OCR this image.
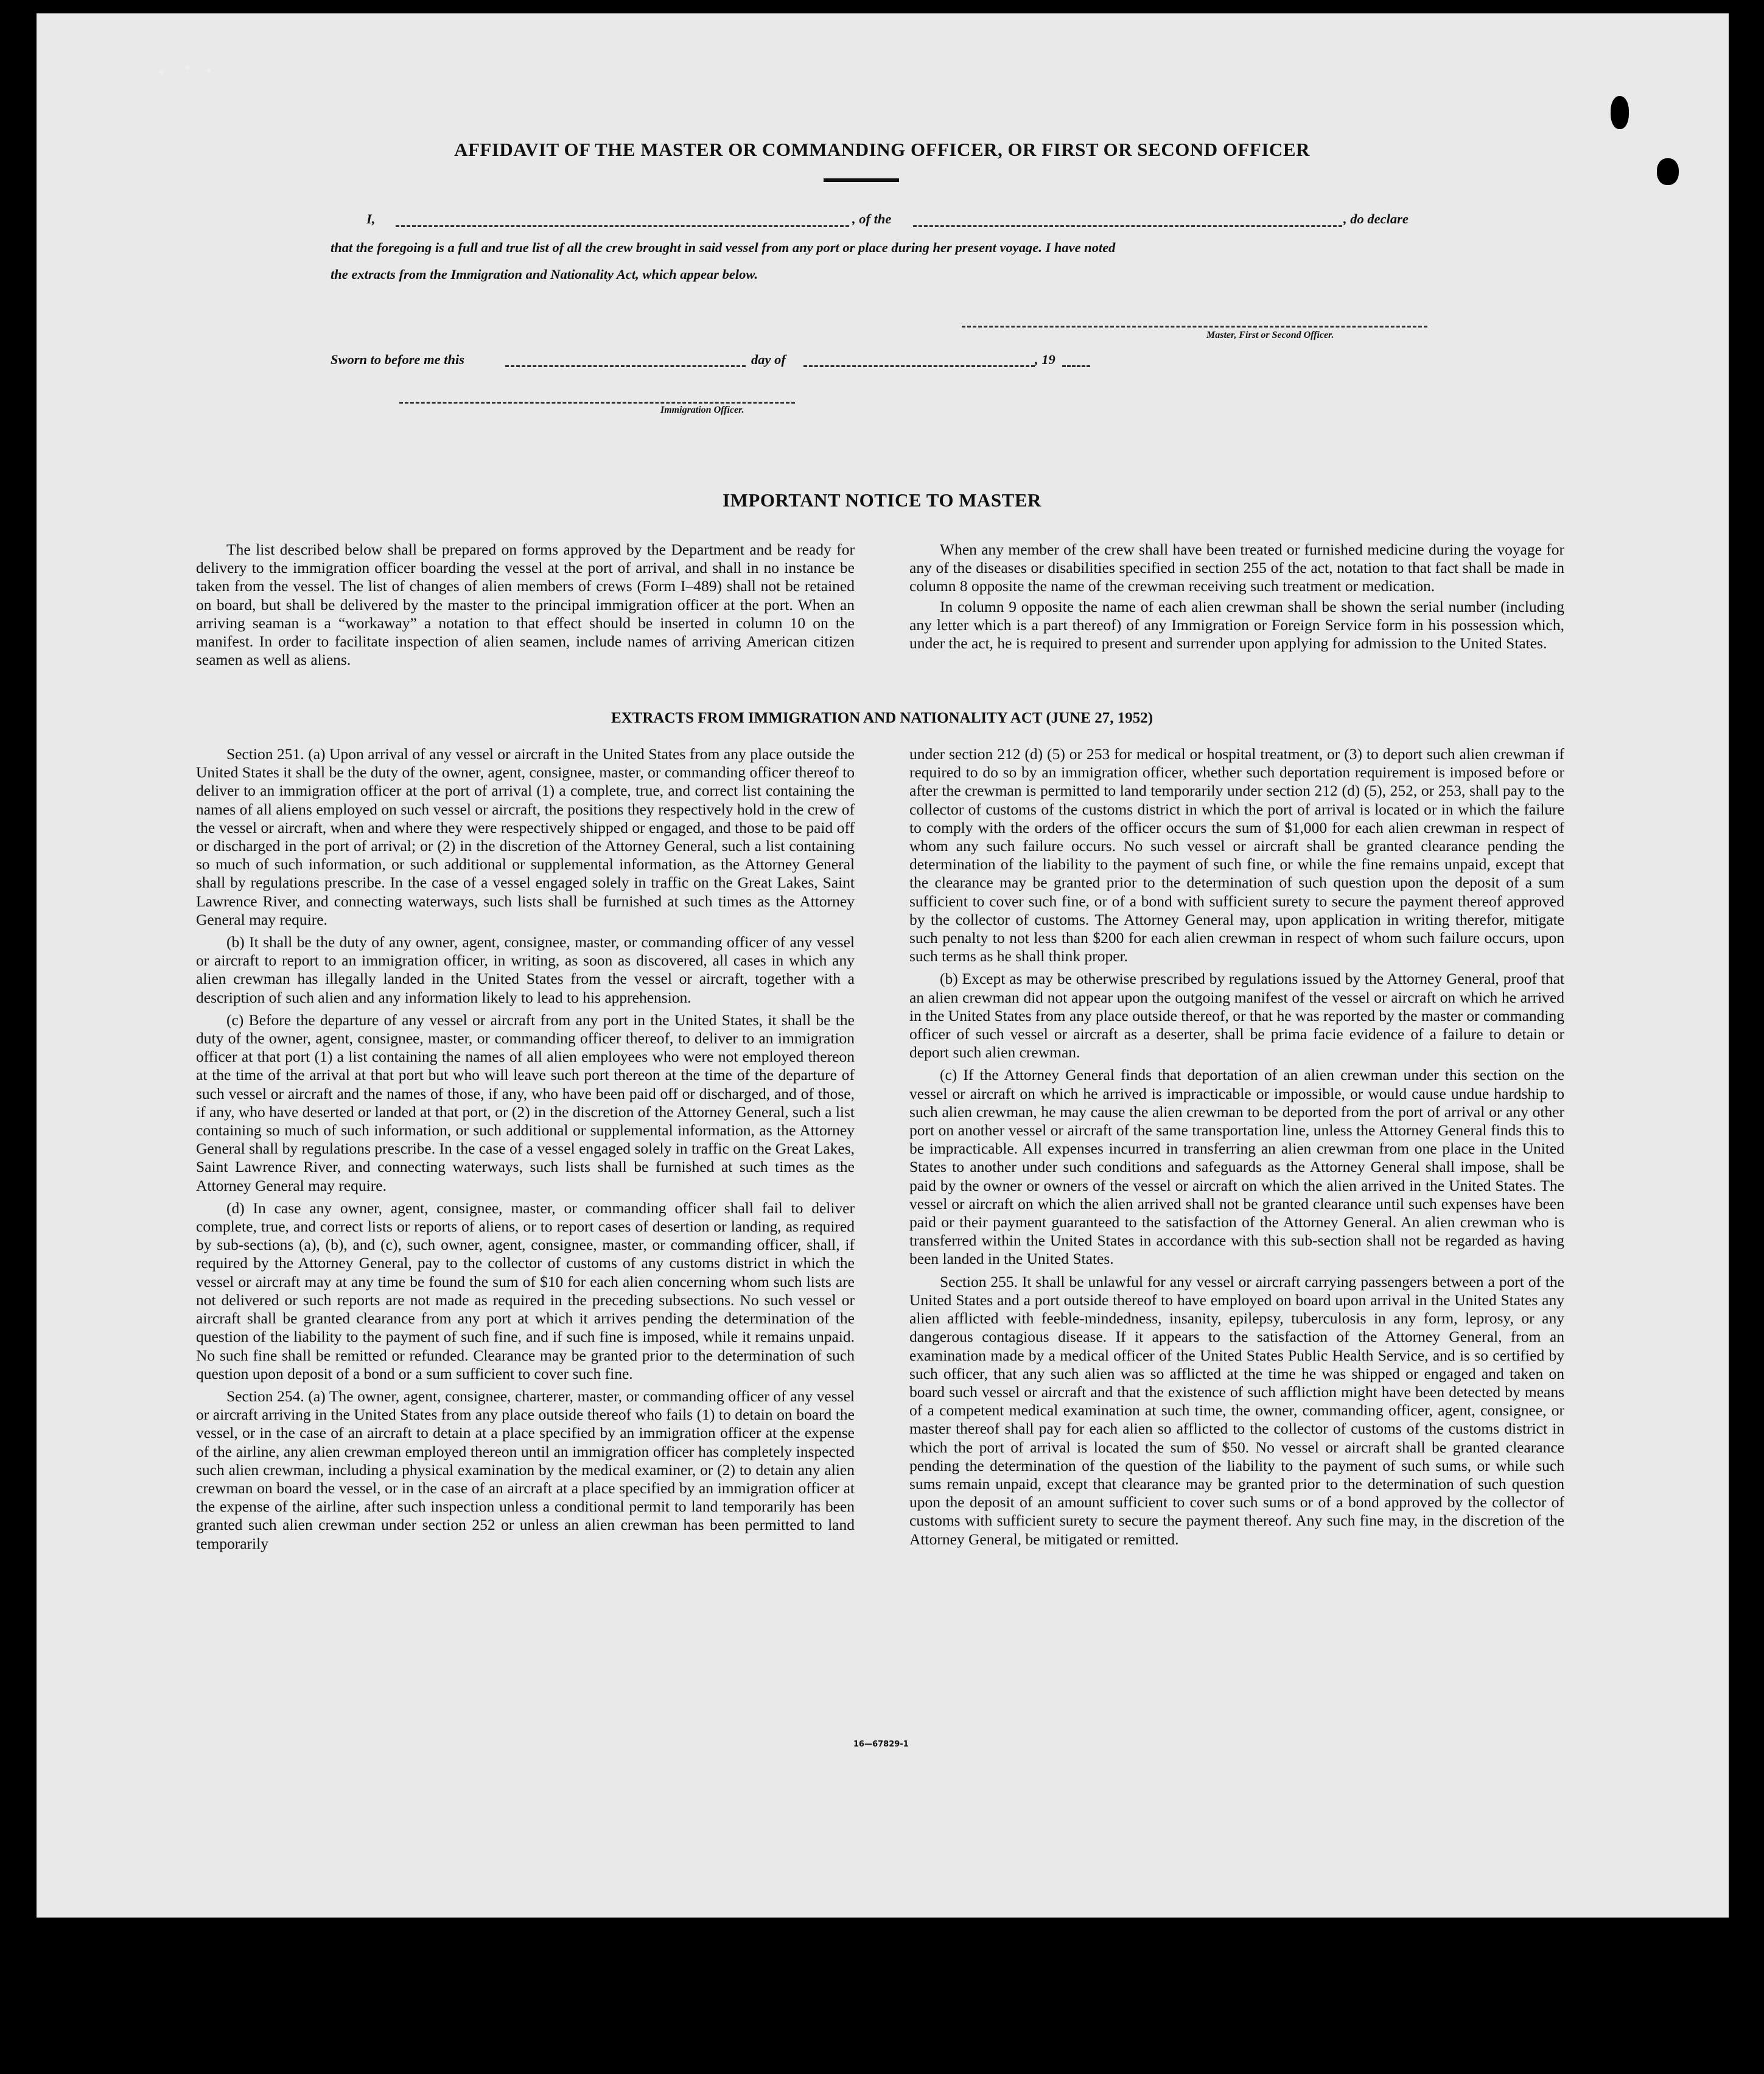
AFFIDAVIT OF THE MASTER OR COMMANDING OFFICER, OR FIRST OR SECOND OFFICER
I,	, of the	, do declare
that the foregoing is a full and true list of all the crew brought in said vessel from any port or place during her present voyage. I have noted
the extracts from the Immigration and Nationality Act, which appear below.
Master, First or Second Officer.
Sworn to before me this	day of	, 19
Immigration Officer.
IMPORTANT NOTICE TO MASTER

The list described below shall be prepared on forms approved by the Department and be ready for delivery to the immigration officer boarding the vessel at the port of arrival, and shall in no instance be taken from the vessel. The list of changes of alien members of crews (Form I–489) shall not be retained on board, but shall be delivered by the master to the principal immigration officer at the port. When an arriving seaman is a “workaway” a notation to that effect should be inserted in column 10 on the manifest. In order to facilitate inspection of alien seamen, include names of arriving American citizen seamen as well as aliens.

When any member of the crew shall have been treated or furnished medicine during the voyage for any of the diseases or disabilities specified in section 255 of the act, notation to that fact shall be made in column 8 opposite the name of the crewman receiving such treatment or medication.

In column 9 opposite the name of each alien crewman shall be shown the serial number (including any letter which is a part thereof) of any Immigration or Foreign Service form in his possession which, under the act, he is required to present and surrender upon applying for admission to the United States.

EXTRACTS FROM IMMIGRATION AND NATIONALITY ACT (JUNE 27, 1952)

Section 251. (a) Upon arrival of any vessel or aircraft in the United States from any place outside the United States it shall be the duty of the owner, agent, consignee, master, or commanding officer thereof to deliver to an immigration officer at the port of arrival (1) a complete, true, and correct list containing the names of all aliens employed on such vessel or aircraft, the positions they respectively hold in the crew of the vessel or aircraft, when and where they were respectively shipped or engaged, and those to be paid off or discharged in the port of arrival; or (2) in the discretion of the Attorney General, such a list containing so much of such information, or such additional or supplemental information, as the Attorney General shall by regulations prescribe. In the case of a vessel engaged solely in traffic on the Great Lakes, Saint Lawrence River, and connecting waterways, such lists shall be furnished at such times as the Attorney General may require.

(b) It shall be the duty of any owner, agent, consignee, master, or commanding officer of any vessel or aircraft to report to an immigration officer, in writing, as soon as discovered, all cases in which any alien crewman has illegally landed in the United States from the vessel or aircraft, together with a description of such alien and any information likely to lead to his apprehension.

(c) Before the departure of any vessel or aircraft from any port in the United States, it shall be the duty of the owner, agent, consignee, master, or commanding officer thereof, to deliver to an immigration officer at that port (1) a list containing the names of all alien employees who were not employed thereon at the time of the arrival at that port but who will leave such port thereon at the time of the departure of such vessel or aircraft and the names of those, if any, who have been paid off or discharged, and of those, if any, who have deserted or landed at that port, or (2) in the discretion of the Attorney General, such a list containing so much of such information, or such additional or supplemental information, as the Attorney General shall by regulations prescribe. In the case of a vessel engaged solely in traffic on the Great Lakes, Saint Lawrence River, and connecting waterways, such lists shall be furnished at such times as the Attorney General may require.

(d) In case any owner, agent, consignee, master, or commanding officer shall fail to deliver complete, true, and correct lists or reports of aliens, or to report cases of desertion or landing, as required by sub-sections (a), (b), and (c), such owner, agent, consignee, master, or commanding officer, shall, if required by the Attorney General, pay to the collector of customs of any customs district in which the vessel or aircraft may at any time be found the sum of $10 for each alien concerning whom such lists are not delivered or such reports are not made as required in the preceding subsections. No such vessel or aircraft shall be granted clearance from any port at which it arrives pending the determination of the question of the liability to the payment of such fine, and if such fine is imposed, while it remains unpaid. No such fine shall be remitted or refunded. Clearance may be granted prior to the determination of such question upon deposit of a bond or a sum sufficient to cover such fine.

Section 254. (a) The owner, agent, consignee, charterer, master, or commanding officer of any vessel or aircraft arriving in the United States from any place outside thereof who fails (1) to detain on board the vessel, or in the case of an aircraft to detain at a place specified by an immigration officer at the expense of the airline, any alien crewman employed thereon until an immigration officer has completely inspected such alien crewman, including a physical examination by the medical examiner, or (2) to detain any alien crewman on board the vessel, or in the case of an aircraft at a place specified by an immigration officer at the expense of the airline, after such inspection unless a conditional permit to land temporarily has been granted such alien crewman under section 252 or unless an alien crewman has been permitted to land temporarily

under section 212 (d) (5) or 253 for medical or hospital treatment, or (3) to deport such alien crewman if required to do so by an immigration officer, whether such deportation requirement is imposed before or after the crewman is permitted to land temporarily under section 212 (d) (5), 252, or 253, shall pay to the collector of customs of the customs district in which the port of arrival is located or in which the failure to comply with the orders of the officer occurs the sum of $1,000 for each alien crewman in respect of whom any such failure occurs. No such vessel or aircraft shall be granted clearance pending the determination of the liability to the payment of such fine, or while the fine remains unpaid, except that the clearance may be granted prior to the determination of such question upon the deposit of a sum sufficient to cover such fine, or of a bond with sufficient surety to secure the payment thereof approved by the collector of customs. The Attorney General may, upon application in writing therefor, mitigate such penalty to not less than $200 for each alien crewman in respect of whom such failure occurs, upon such terms as he shall think proper.

(b) Except as may be otherwise prescribed by regulations issued by the Attorney General, proof that an alien crewman did not appear upon the outgoing manifest of the vessel or aircraft on which he arrived in the United States from any place outside thereof, or that he was reported by the master or commanding officer of such vessel or aircraft as a deserter, shall be prima facie evidence of a failure to detain or deport such alien crewman.

(c) If the Attorney General finds that deportation of an alien crewman under this section on the vessel or aircraft on which he arrived is impracticable or impossible, or would cause undue hardship to such alien crewman, he may cause the alien crewman to be deported from the port of arrival or any other port on another vessel or aircraft of the same transportation line, unless the Attorney General finds this to be impracticable. All expenses incurred in transferring an alien crewman from one place in the United States to another under such conditions and safeguards as the Attorney General shall impose, shall be paid by the owner or owners of the vessel or aircraft on which the alien arrived in the United States. The vessel or aircraft on which the alien arrived shall not be granted clearance until such expenses have been paid or their payment guaranteed to the satisfaction of the Attorney General. An alien crewman who is transferred within the United States in accordance with this sub-section shall not be regarded as having been landed in the United States.

Section 255. It shall be unlawful for any vessel or aircraft carrying passengers between a port of the United States and a port outside thereof to have employed on board upon arrival in the United States any alien afflicted with feeble-mindedness, insanity, epilepsy, tuberculosis in any form, leprosy, or any dangerous contagious disease. If it appears to the satisfaction of the Attorney General, from an examination made by a medical officer of the United States Public Health Service, and is so certified by such officer, that any such alien was so afflicted at the time he was shipped or engaged and taken on board such vessel or aircraft and that the existence of such affliction might have been detected by means of a competent medical examination at such time, the owner, commanding officer, agent, consignee, or master thereof shall pay for each alien so afflicted to the collector of customs of the customs district in which the port of arrival is located the sum of $50. No vessel or aircraft shall be granted clearance pending the determination of the question of the liability to the payment of such sums, or while such sums remain unpaid, except that clearance may be granted prior to the determination of such question upon the deposit of an amount sufficient to cover such sums or of a bond approved by the collector of customs with sufficient surety to secure the payment thereof. Any such fine may, in the discretion of the Attorney General, be mitigated or remitted.

16—67829-1
